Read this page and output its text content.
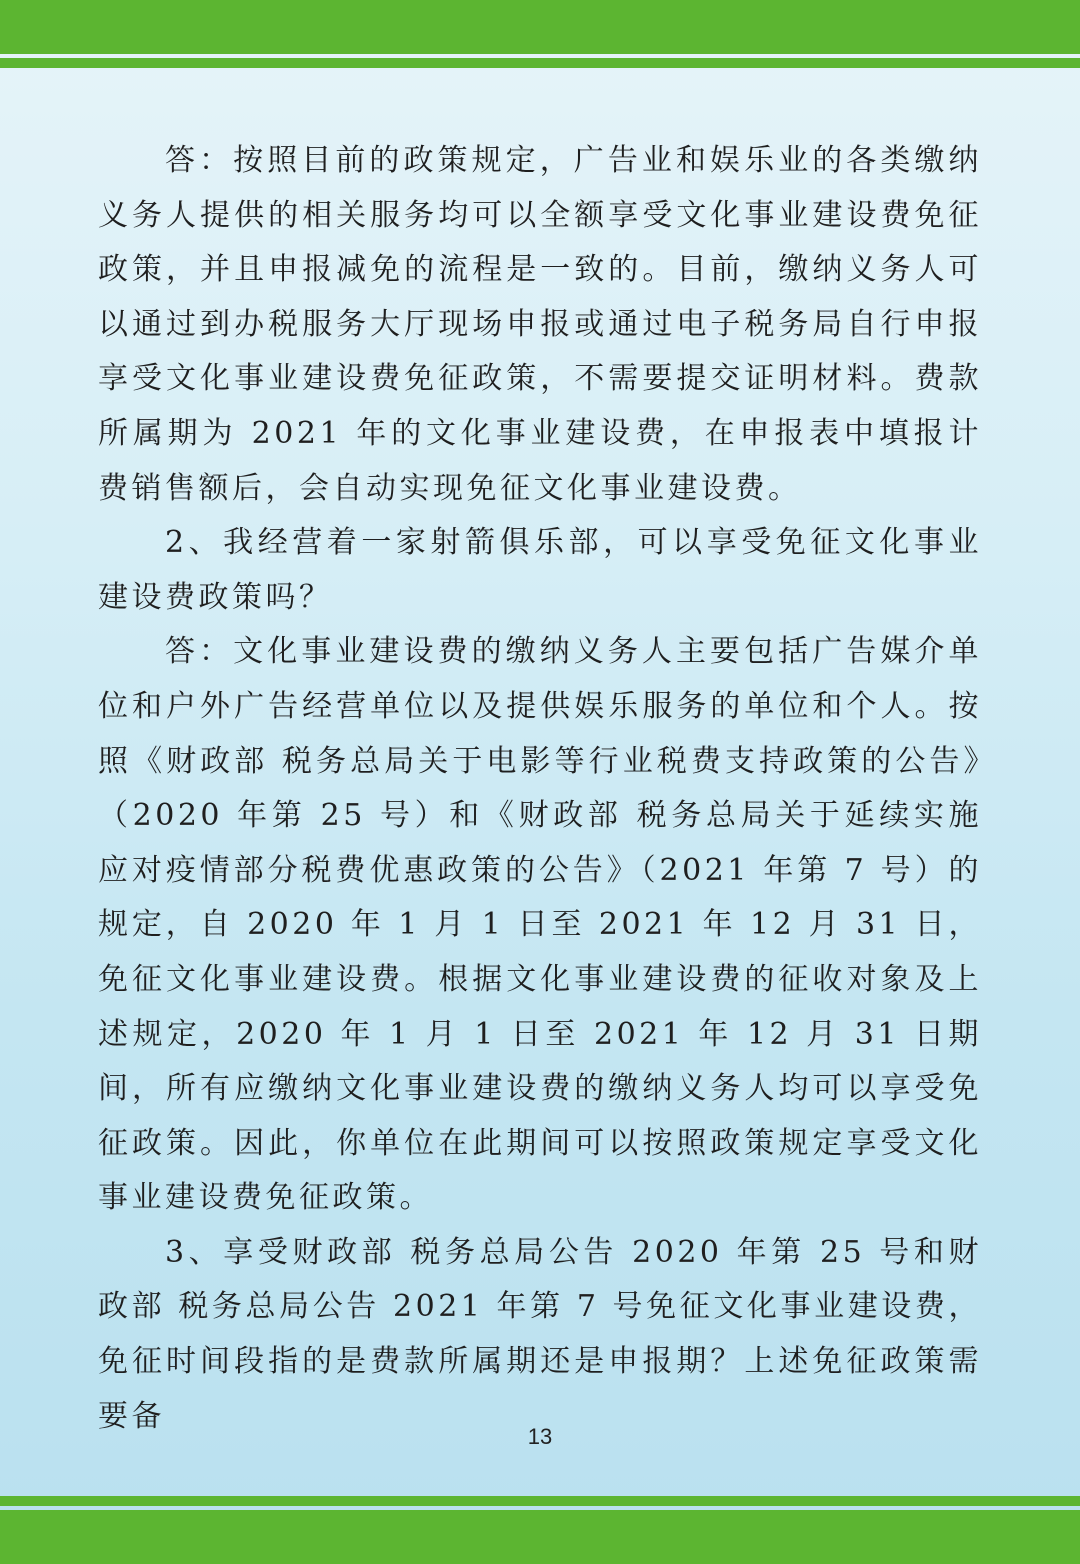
答：按照目前的政策规定，广告业和娱乐业的各类缴纳义务人提供的相关服务均可以全额享受文化事业建设费免征政策，并且申报减免的流程是一致的。目前，缴纳义务人可以通过到办税服务大厅现场申报或通过电子税务局自行申报享受文化事业建设费免征政策，不需要提交证明材料。费款所属期为 2021 年的文化事业建设费，在申报表中填报计费销售额后，会自动实现免征文化事业建设费。

2、我经营着一家射箭俱乐部，可以享受免征文化事业建设费政策吗？

答：文化事业建设费的缴纳义务人主要包括广告媒介单位和户外广告经营单位以及提供娱乐服务的单位和个人。按照《财政部 税务总局关于电影等行业税费支持政策的公告》（2020 年第 25 号）和《财政部 税务总局关于延续实施应对疫情部分税费优惠政策的公告》（2021 年第 7 号）的规定，自 2020 年 1 月 1 日至 2021 年 12 月 31 日，免征文化事业建设费。根据文化事业建设费的征收对象及上述规定，2020 年 1 月 1 日至 2021 年 12 月 31 日期间，所有应缴纳文化事业建设费的缴纳义务人均可以享受免征政策。因此，你单位在此期间可以按照政策规定享受文化事业建设费免征政策。

3、享受财政部 税务总局公告 2020 年第 25 号和财政部 税务总局公告 2021 年第 7 号免征文化事业建设费，免征时间段指的是费款所属期还是申报期？上述免征政策需要备

13
